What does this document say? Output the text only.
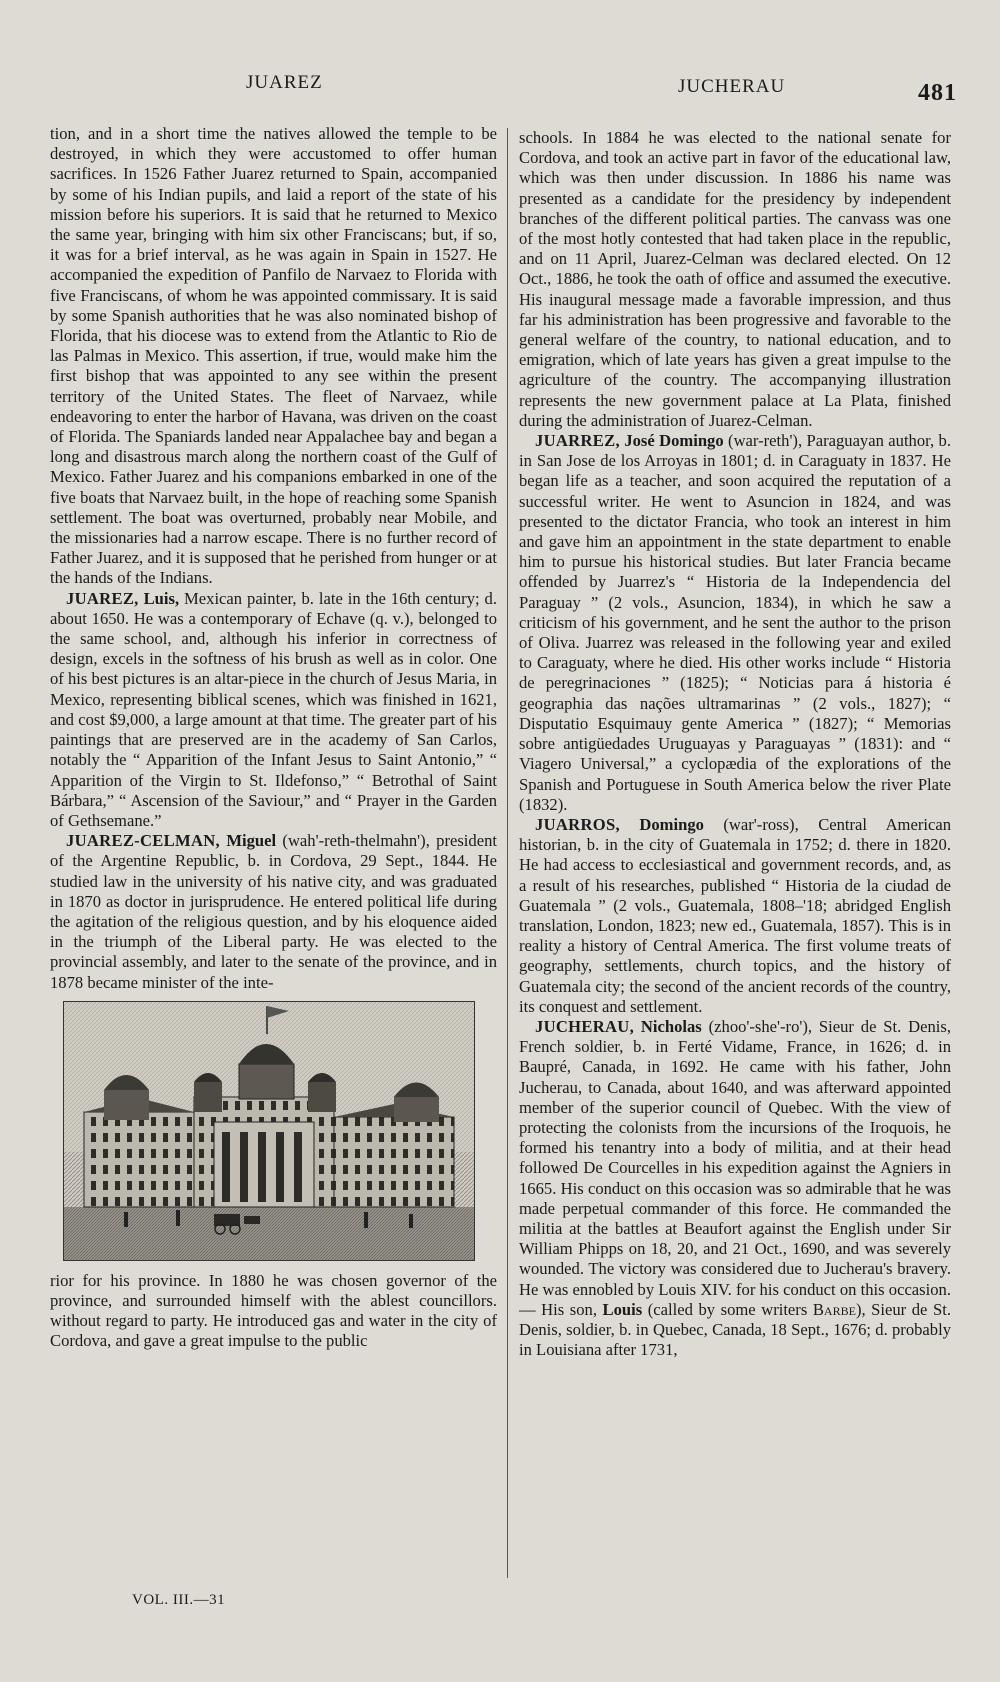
JUAREZ	JUCHERAU	481

tion, and in a short time the natives allowed the temple to be destroyed, in which they were accustomed to offer human sacrifices. In 1526 Father Juarez returned to Spain, accompanied by some of his Indian pupils, and laid a report of the state of his mission before his superiors. It is said that he returned to Mexico the same year, bringing with him six other Franciscans; but, if so, it was for a brief interval, as he was again in Spain in 1527. He accompanied the expedition of Panfilo de Narvaez to Florida with five Franciscans, of whom he was appointed commissary. It is said by some Spanish authorities that he was also nominated bishop of Florida, that his diocese was to extend from the Atlantic to Rio de las Palmas in Mexico. This assertion, if true, would make him the first bishop that was appointed to any see within the present territory of the United States. The fleet of Narvaez, while endeavoring to enter the harbor of Havana, was driven on the coast of Florida. The Spaniards landed near Appalachee bay and began a long and disastrous march along the northern coast of the Gulf of Mexico. Father Juarez and his companions embarked in one of the five boats that Narvaez built, in the hope of reaching some Spanish settlement. The boat was overturned, probably near Mobile, and the missionaries had a narrow escape. There is no further record of Father Juarez, and it is supposed that he perished from hunger or at the hands of the Indians.

JUAREZ, Luis, Mexican painter, b. late in the 16th century; d. about 1650. He was a contemporary of Echave (q. v.), belonged to the same school, and, although his inferior in correctness of design, excels in the softness of his brush as well as in color. One of his best pictures is an altar-piece in the church of Jesus Maria, in Mexico, representing biblical scenes, which was finished in 1621, and cost $9,000, a large amount at that time. The greater part of his paintings that are preserved are in the academy of San Carlos, notably the “ Apparition of the Infant Jesus to Saint Antonio,” “ Apparition of the Virgin to St. Ildefonso,” “ Betrothal of Saint Bárbara,” “ Ascension of the Saviour,” and “ Prayer in the Garden of Gethsemane.”

JUAREZ-CELMAN, Miguel (wah'-reth-thelmahn'), president of the Argentine Republic, b. in Cordova, 29 Sept., 1844. He studied law in the university of his native city, and was graduated in 1870 as doctor in jurisprudence. He entered political life during the agitation of the religious question, and by his eloquence aided in the triumph of the Liberal party. He was elected to the provincial assembly, and later to the senate of the province, and in 1878 became minister of the inte-

rior for his province. In 1880 he was chosen governor of the province, and surrounded himself with the ablest councillors. without regard to party. He introduced gas and water in the city of Cordova, and gave a great impulse to the public

schools. In 1884 he was elected to the national senate for Cordova, and took an active part in favor of the educational law, which was then under discussion. In 1886 his name was presented as a candidate for the presidency by independent branches of the different political parties. The canvass was one of the most hotly contested that had taken place in the republic, and on 11 April, Juarez-Celman was declared elected. On 12 Oct., 1886, he took the oath of office and assumed the executive. His inaugural message made a favorable impression, and thus far his administration has been progressive and favorable to the general welfare of the country, to national education, and to emigration, which of late years has given a great impulse to the agriculture of the country. The accompanying illustration represents the new government palace at La Plata, finished during the administration of Juarez-Celman.

JUARREZ, José Domingo (war-reth'), Paraguayan author, b. in San Jose de los Arroyas in 1801; d. in Caraguaty in 1837. He began life as a teacher, and soon acquired the reputation of a successful writer. He went to Asuncion in 1824, and was presented to the dictator Francia, who took an interest in him and gave him an appointment in the state department to enable him to pursue his historical studies. But later Francia became offended by Juarrez's “ Historia de la Independencia del Paraguay ” (2 vols., Asuncion, 1834), in which he saw a criticism of his government, and he sent the author to the prison of Oliva. Juarrez was released in the following year and exiled to Caraguaty, where he died. His other works include “ Historia de peregrinaciones ” (1825); “ Noticias para á historia é geographia das nações ultramarinas ” (2 vols., 1827); “ Disputatio Esquimauy gente America ” (1827); “ Memorias sobre antigüedades Uruguayas y Paraguayas ” (1831): and “ Viagero Universal,” a cyclopædia of the explorations of the Spanish and Portuguese in South America below the river Plate (1832).

JUARROS, Domingo (war'-ross), Central American historian, b. in the city of Guatemala in 1752; d. there in 1820. He had access to ecclesiastical and government records, and, as a result of his researches, published “ Historia de la ciudad de Guatemala ” (2 vols., Guatemala, 1808–'18; abridged English translation, London, 1823; new ed., Guatemala, 1857). This is in reality a history of Central America. The first volume treats of geography, settlements, church topics, and the history of Guatemala city; the second of the ancient records of the country, its conquest and settlement.

JUCHERAU, Nicholas (zhoo'-she'-ro'), Sieur de St. Denis, French soldier, b. in Ferté Vidame, France, in 1626; d. in Baupré, Canada, in 1692. He came with his father, John Jucherau, to Canada, about 1640, and was afterward appointed member of the superior council of Quebec. With the view of protecting the colonists from the incursions of the Iroquois, he formed his tenantry into a body of militia, and at their head followed De Courcelles in his expedition against the Agniers in 1665. His conduct on this occasion was so admirable that he was made perpetual commander of this force. He commanded the militia at the battles at Beaufort against the English under Sir William Phipps on 18, 20, and 21 Oct., 1690, and was severely wounded. The victory was considered due to Jucherau's bravery. He was ennobled by Louis XIV. for his conduct on this occasion.— His son, Louis (called by some writers Barbe), Sieur de St. Denis, soldier, b. in Quebec, Canada, 18 Sept., 1676; d. probably in Louisiana after 1731,

VOL. III.—31
